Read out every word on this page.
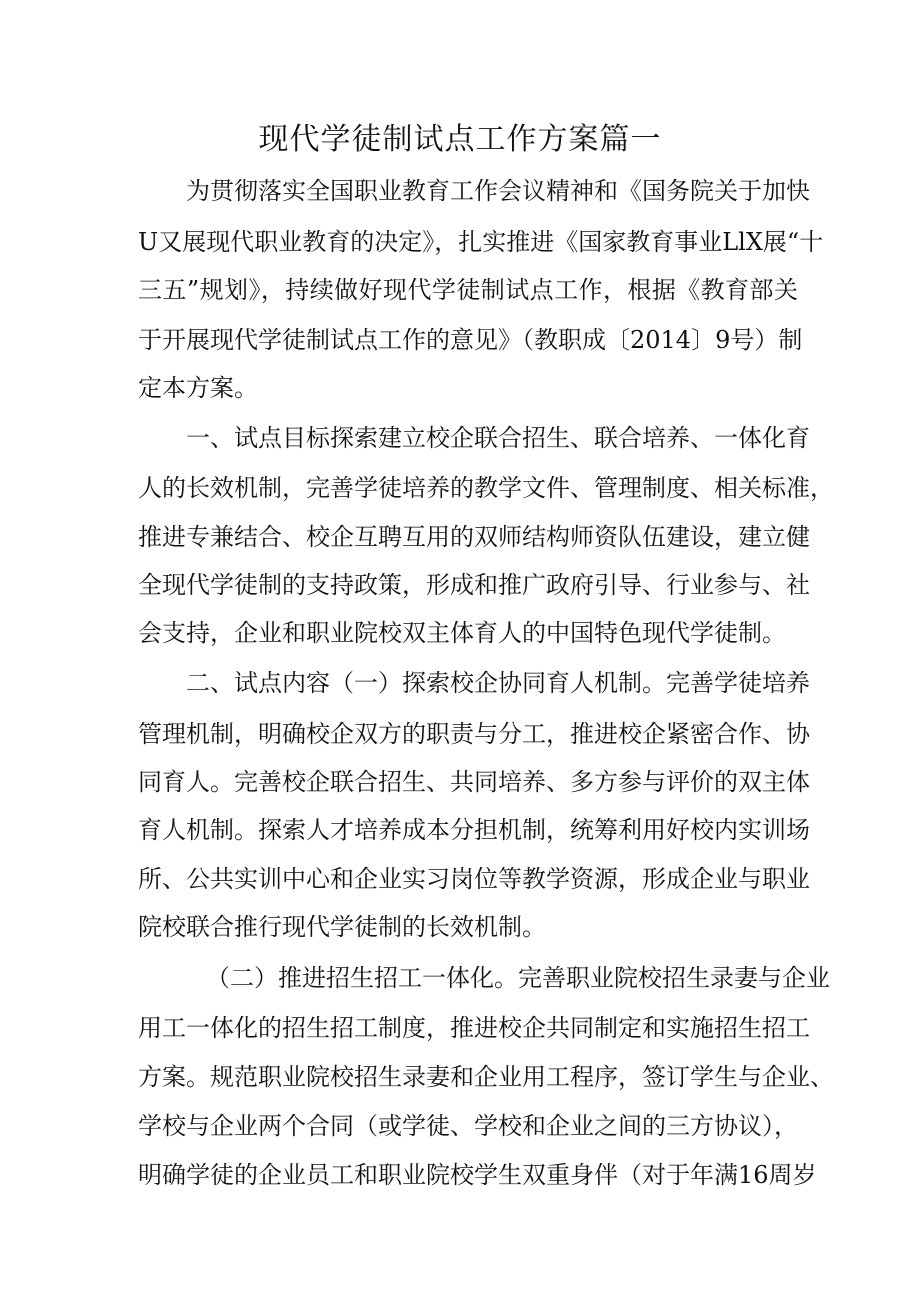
现代学徒制试点工作方案篇一

为贯彻落实全国职业教育工作会议精神和《国务院关于加快

U又展现代职业教育的决定》，扎实推进《国家教育事业LlX展“十

三五”规划》，持续做好现代学徒制试点工作，根据《教育部关

于开展现代学徒制试点工作的意见》（教职成〔2014〕9号）制

定本方案。

一、试点目标探索建立校企联合招生、联合培养、一体化育

人的长效机制，完善学徒培养的教学文件、管理制度、相关标准，

推进专兼结合、校企互聘互用的双师结构师资队伍建设，建立健

全现代学徒制的支持政策，形成和推广政府引导、行业参与、社

会支持，企业和职业院校双主体育人的中国特色现代学徒制。

二、试点内容（一）探索校企协同育人机制。完善学徒培养

管理机制，明确校企双方的职责与分工，推进校企紧密合作、协

同育人。完善校企联合招生、共同培养、多方参与评价的双主体

育人机制。探索人才培养成本分担机制，统筹利用好校内实训场

所、公共实训中心和企业实习岗位等教学资源，形成企业与职业

院校联合推行现代学徒制的长效机制。

（二）推进招生招工一体化。完善职业院校招生录妻与企业

用工一体化的招生招工制度，推进校企共同制定和实施招生招工

方案。规范职业院校招生录妻和企业用工程序，签订学生与企业、

学校与企业两个合同（或学徒、学校和企业之间的三方协议），

明确学徒的企业员工和职业院校学生双重身伴（对于年满16周岁
